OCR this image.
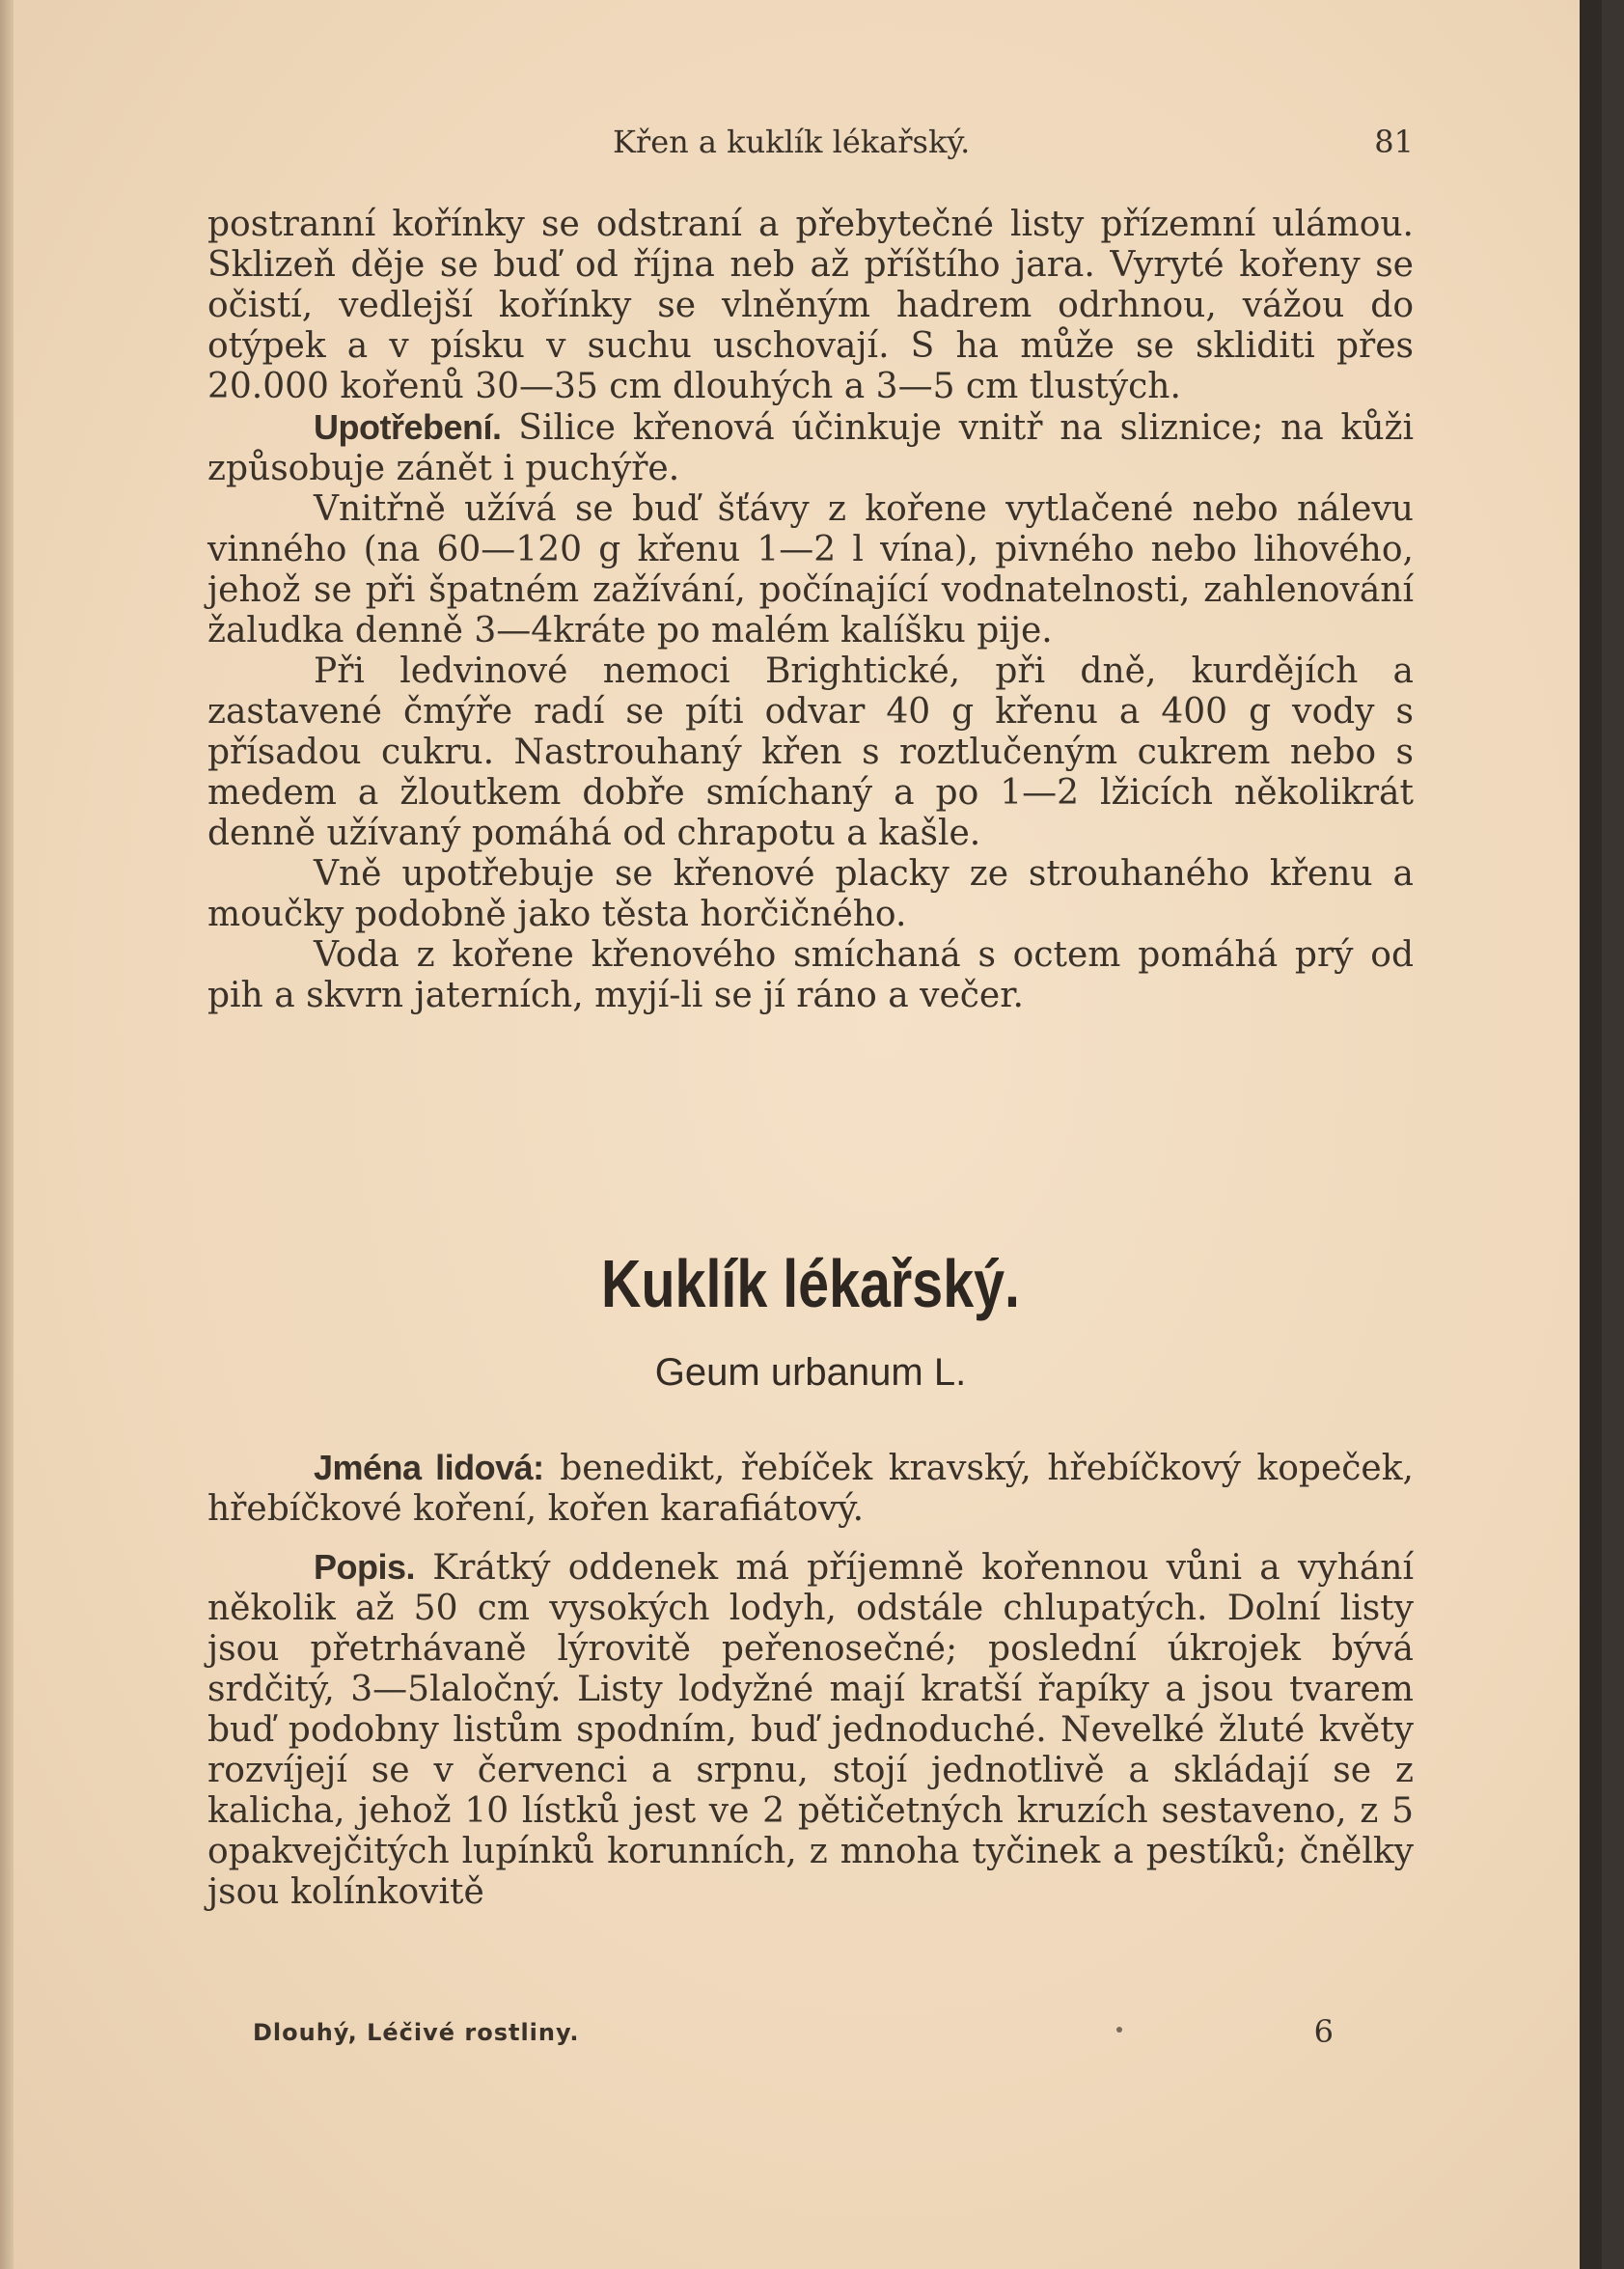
Křen a kuklík lékařský.	81

postranní kořínky se odstraní a přebytečné listy přízemní ulámou. Sklizeň děje se buď od října neb až příštího jara. Vyryté kořeny se očistí, vedlejší kořínky se vlněným hadrem odrhnou, vážou do otýpek a v písku v suchu uschovají. S ha může se skliditi přes 20.000 kořenů 30—35 cm dlouhých a 3—5 cm tlustých.

Upotřebení. Silice křenová účinkuje vnitř na sliznice; na kůži způsobuje zánět i puchýře.

Vnitřně užívá se buď šťávy z kořene vytlačené nebo nálevu vinného (na 60—120 g křenu 1—2 l vína), pivného nebo lihového, jehož se při špatném zažívání, počínající vodnatelnosti, zahlenování žaludka denně 3—4kráte po malém kalíšku pije.

Při ledvinové nemoci Brightické, při dně, kurdějích a zastavené čmýře radí se píti odvar 40 g křenu a 400 g vody s přísadou cukru. Nastrouhaný křen s roztlučeným cukrem nebo s medem a žloutkem dobře smíchaný a po 1—2 lžicích několikrát denně užívaný pomáhá od chrapotu a kašle.

Vně upotřebuje se křenové placky ze strouhaného křenu a moučky podobně jako těsta horčičného.

Voda z kořene křenového smíchaná s octem pomáhá prý od pih a skvrn jaterních, myjí-li se jí ráno a večer.

Kuklík lékařský.
Geum urbanum L.

Jména lidová: benedikt, řebíček kravský, hřebíčkový kopeček, hřebíčkové koření, kořen karafiátový.

Popis. Krátký oddenek má příjemně kořennou vůni a vyhání několik až 50 cm vysokých lodyh, odstále chlupatých. Dolní listy jsou přetrhávaně lýrovitě peřenosečné; poslední úkrojek bývá srdčitý, 3—5laločný. Listy lodyžné mají kratší řapíky a jsou tvarem buď podobny listům spodním, buď jednoduché. Nevelké žluté květy rozvíjejí se v červenci a srpnu, stojí jednotlivě a skládají se z kalicha, jehož 10 lístků jest ve 2 pětičetných kruzích sestaveno, z 5 opakvejčitých lupínků korunních, z mnoha tyčinek a pestíků; čnělky jsou kolínkovitě

Dlouhý, Léčivé rostliny.	6
